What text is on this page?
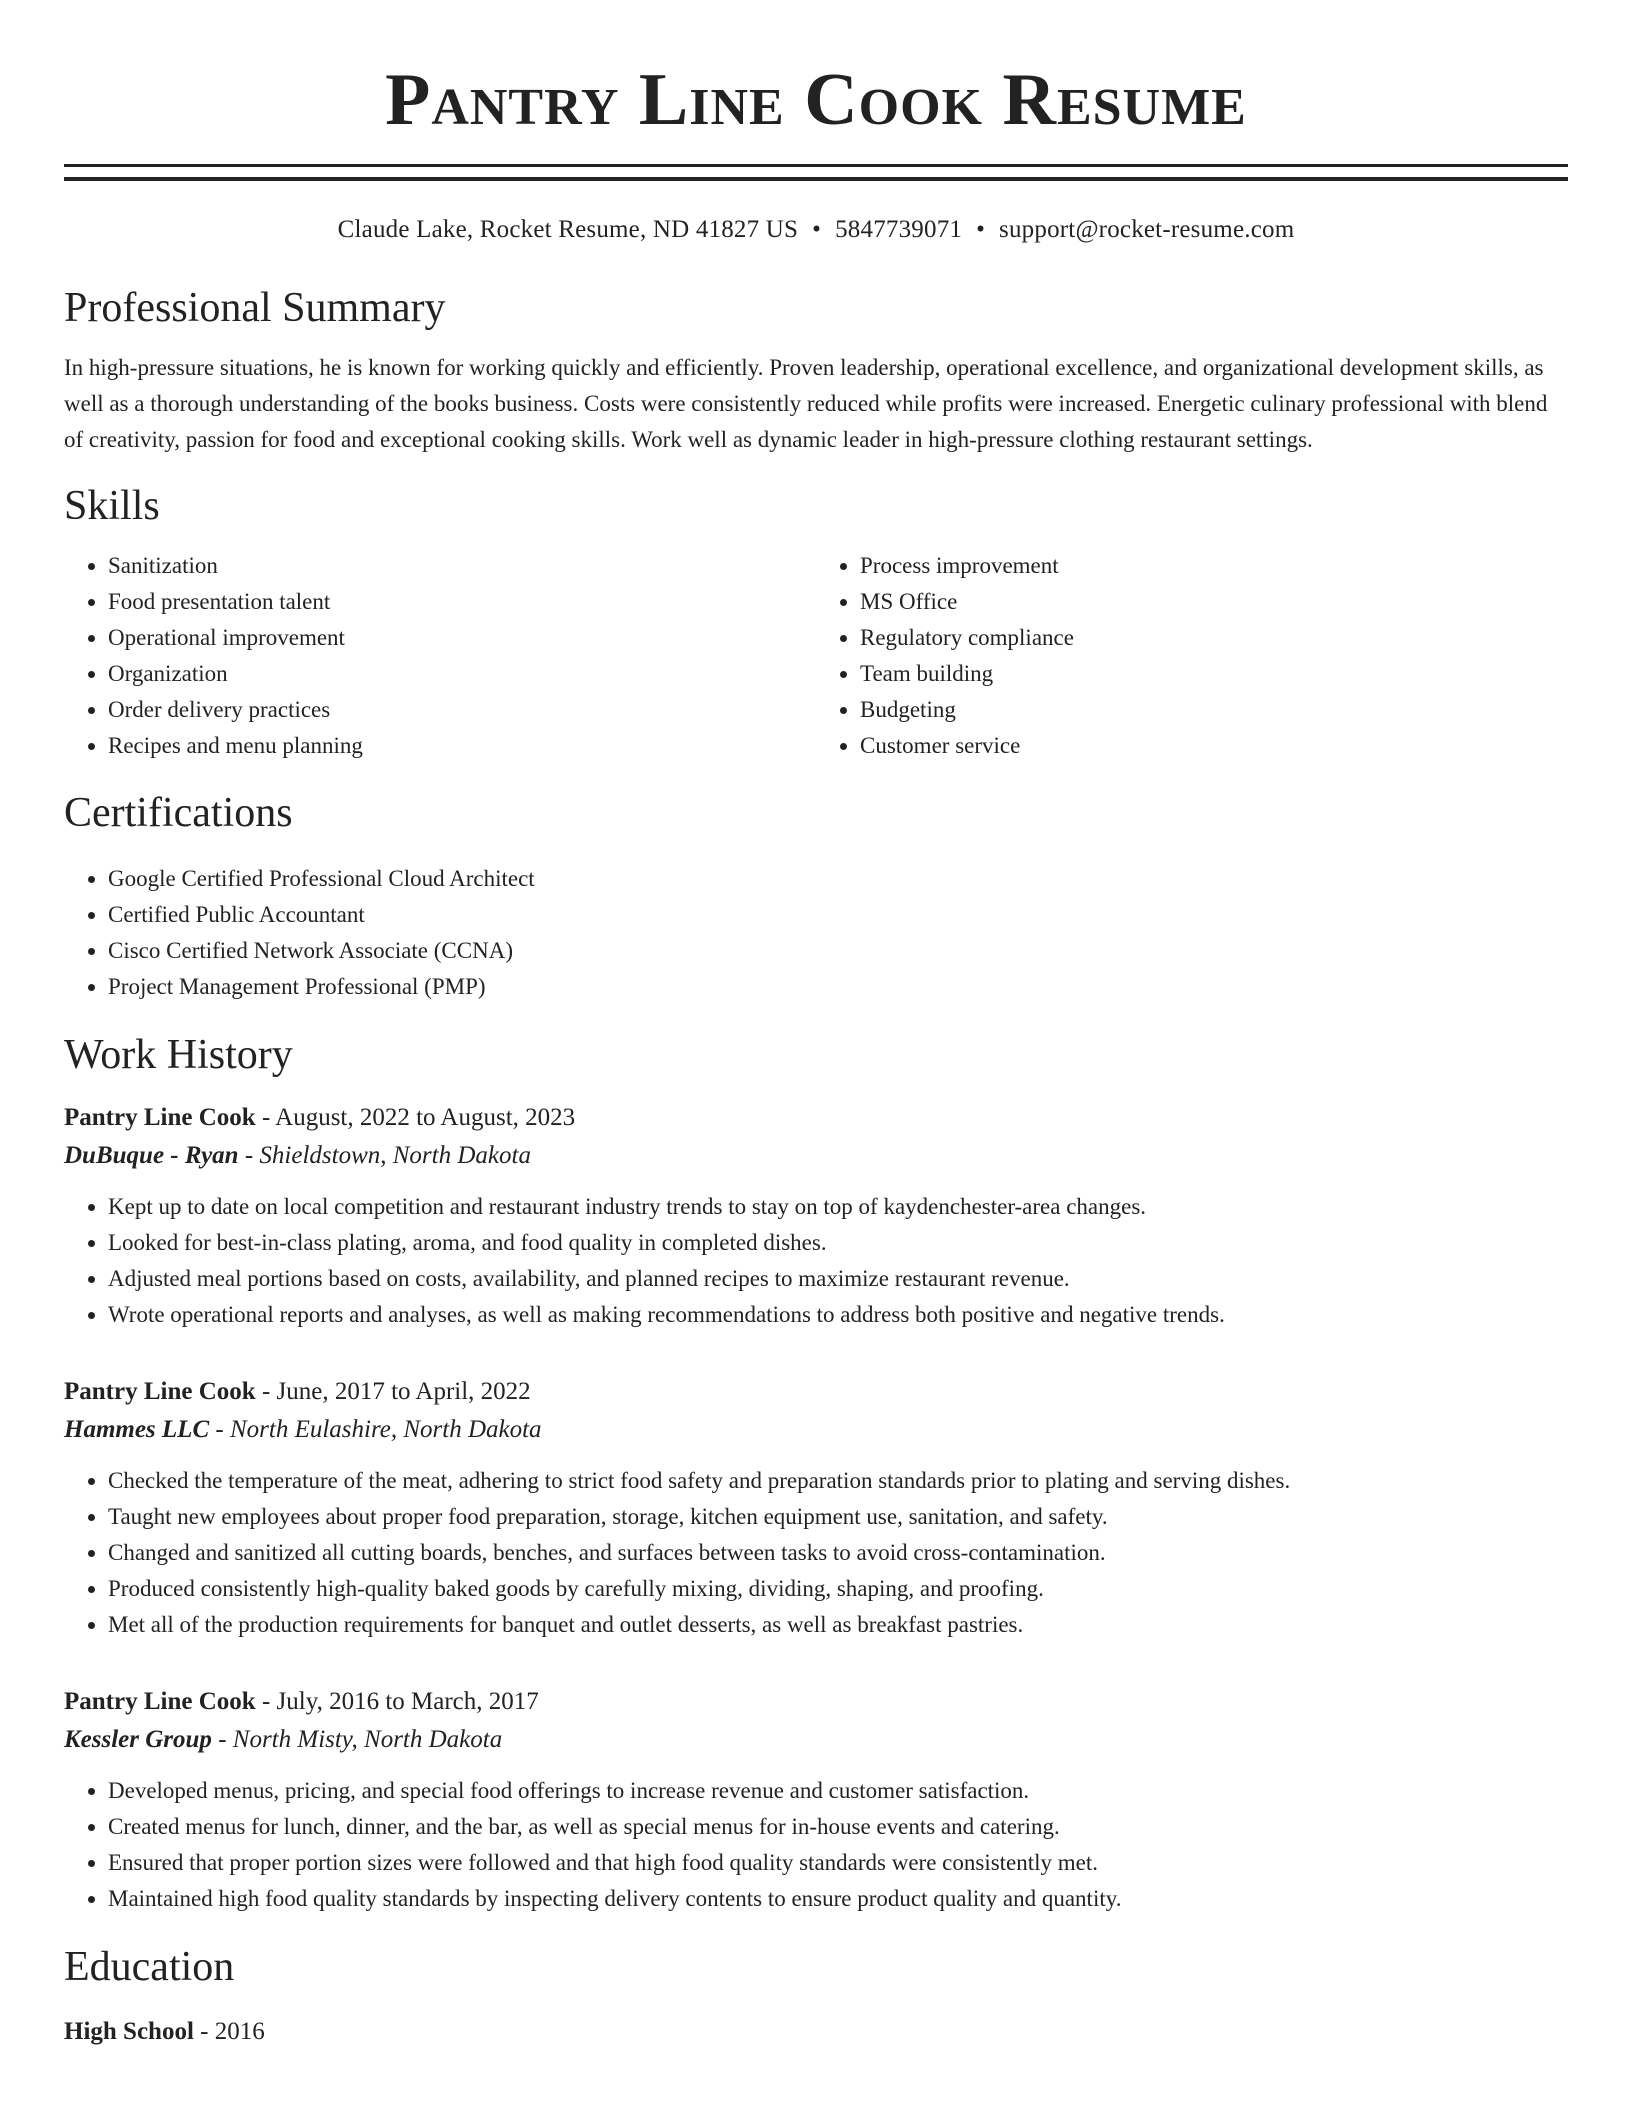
Pantry Line Cook Resume
Claude Lake, Rocket Resume, ND 41827 US • 5847739071 • support@rocket-resume.com
Professional Summary

In high-pressure situations, he is known for working quickly and efficiently. Proven leadership, operational excellence, and organizational development skills, as well as a thorough understanding of the books business. Costs were consistently reduced while profits were increased. Energetic culinary professional with blend of creativity, passion for food and exceptional cooking skills. Work well as dynamic leader in high-pressure clothing restaurant settings.

Skills
• Sanitization
• Food presentation talent
• Operational improvement
• Organization
• Order delivery practices
• Recipes and menu planning
• Process improvement
• MS Office
• Regulatory compliance
• Team building
• Budgeting
• Customer service
Certifications
• Google Certified Professional Cloud Architect
• Certified Public Accountant
• Cisco Certified Network Associate (CCNA)
• Project Management Professional (PMP)
Work History
Pantry Line Cook - August, 2022 to August, 2023
DuBuque - Ryan - Shieldstown, North Dakota
• Kept up to date on local competition and restaurant industry trends to stay on top of kaydenchester-area changes.
• Looked for best-in-class plating, aroma, and food quality in completed dishes.
• Adjusted meal portions based on costs, availability, and planned recipes to maximize restaurant revenue.
• Wrote operational reports and analyses, as well as making recommendations to address both positive and negative trends.
Pantry Line Cook - June, 2017 to April, 2022
Hammes LLC - North Eulashire, North Dakota
• Checked the temperature of the meat, adhering to strict food safety and preparation standards prior to plating and serving dishes.
• Taught new employees about proper food preparation, storage, kitchen equipment use, sanitation, and safety.
• Changed and sanitized all cutting boards, benches, and surfaces between tasks to avoid cross-contamination.
• Produced consistently high-quality baked goods by carefully mixing, dividing, shaping, and proofing.
• Met all of the production requirements for banquet and outlet desserts, as well as breakfast pastries.
Pantry Line Cook - July, 2016 to March, 2017
Kessler Group - North Misty, North Dakota
• Developed menus, pricing, and special food offerings to increase revenue and customer satisfaction.
• Created menus for lunch, dinner, and the bar, as well as special menus for in-house events and catering.
• Ensured that proper portion sizes were followed and that high food quality standards were consistently met.
• Maintained high food quality standards by inspecting delivery contents to ensure product quality and quantity.
Education
High School - 2016
